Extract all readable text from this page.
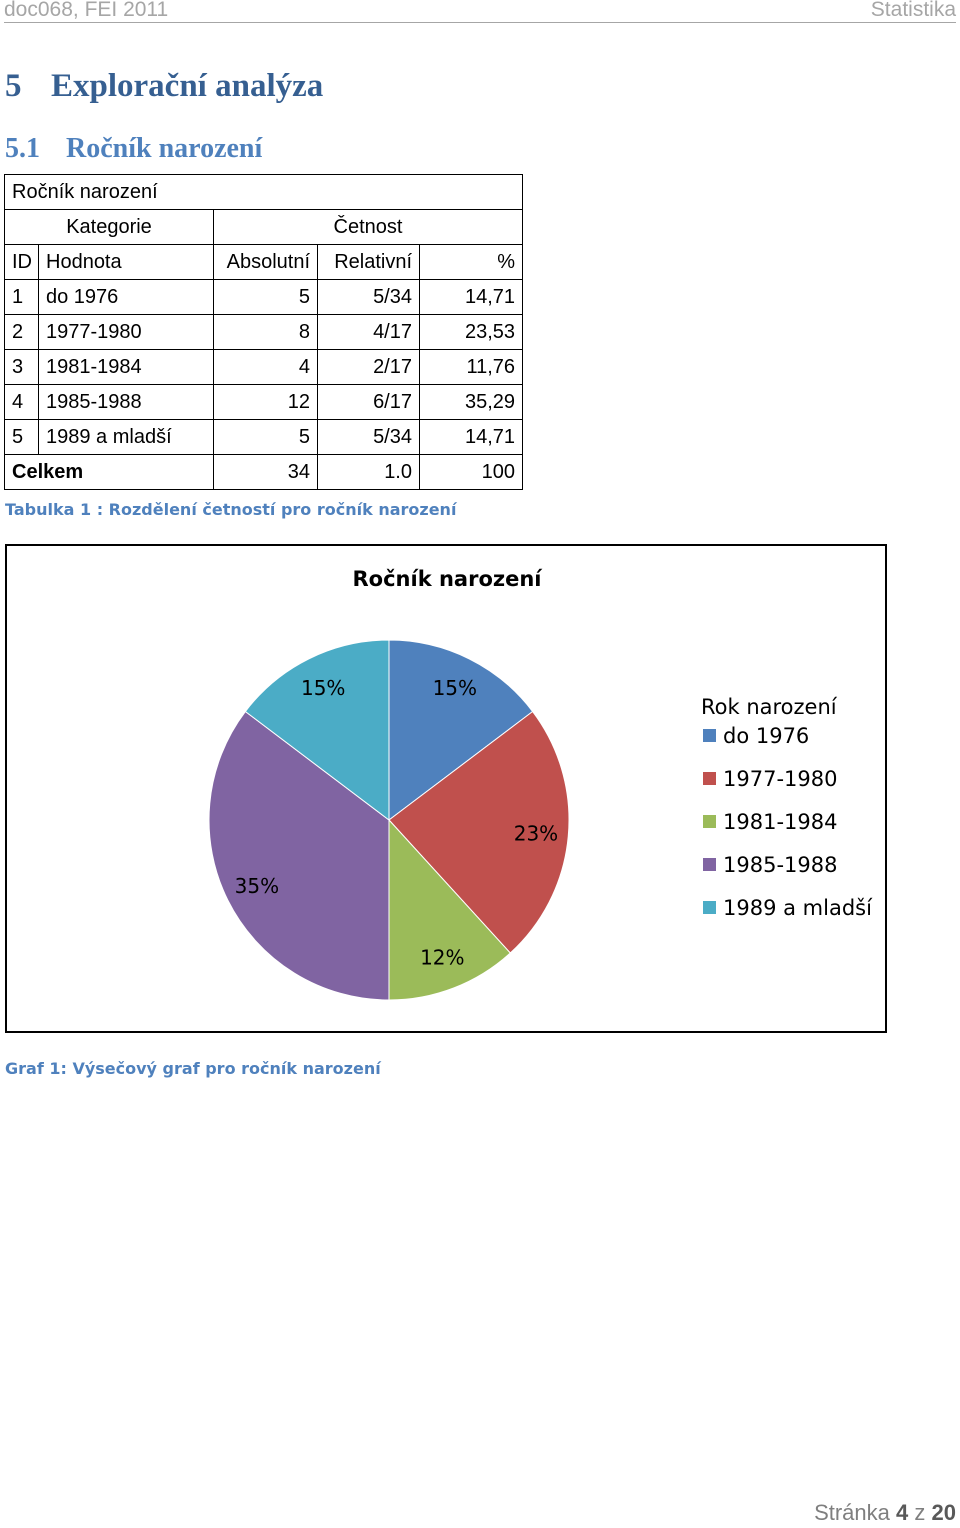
doc068, FEI 2011	Statistika
5 Explorační analýza
5.1 Ročník narození
Ročník narození				
Kategorie		Četnost		
ID	Hodnota	Absolutní	Relativní	%
1	do 1976	5	5/34	14,71
2	1977-1980	8	4/17	23,53
3	1981-1984	4	2/17	11,76
4	1985-1988	12	6/17	35,29
5	1989 a mladší	5	5/34	14,71
Celkem		34	1.0	100
Tabulka 1 : Rozdělení četností pro ročník narození
15%
23%
12%
35%
15%
Ročník narození
Rok narození
do 1976
1977-1980
1981-1984
1985-1988
1989 a mladší
Graf 1: Výsečový graf pro ročník narození
Stránka 4 z 20
